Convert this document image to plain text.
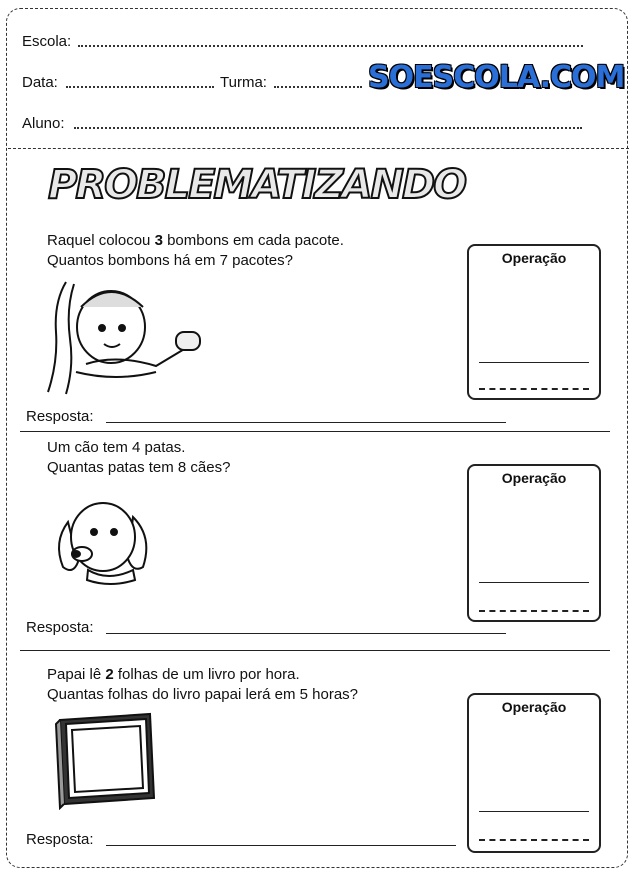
Escola:
Data:	Turma:	SOESCOLA.COM
Aluno:
PROBLEMATIZANDO
Raquel colocou 3 bombons em cada pacote.
Quantos bombons há em 7 pacotes?	Operação
Resposta:
Um cão tem 4 patas.
Quantas patas tem 8 cães?
Operação
Resposta:
Papai lê 2 folhas de um livro por hora.
Quantas folhas do livro papai lerá em 5 horas?
Operação
Resposta:
